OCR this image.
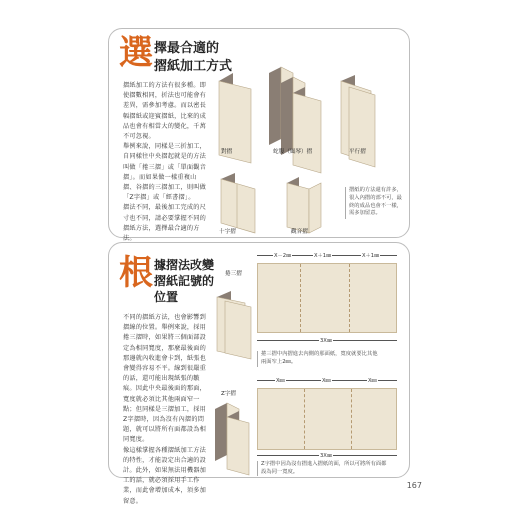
選 擇最合適的
摺紙加工方式
摺紙加工的方法有很多種。即使摺數相同，折法也可能會有差異，需參加考慮。而以密長幅摺紙或迎賓摺紙，比來的成品也會有相當大的變化，千萬不可忽視。
舉例來說，同樣是三折加工，自同樣往中央摺起就是的方法叫做「捲三摺」或「單面觀音摺」。而如果做一樣重複山摺、谷摺的三摺加工，則叫做「Z字摺」或「經書摺」。
摺法不同，最後加工完成的尺寸也不同，請必要掌握不同的摺紙方法，選擇最合適的方法。
對摺	蛇腹（風琴）摺	平行摺
十字摺	觀音摺
摺紙的方法還有許多，很入內摺的部不可，最終的成品也會不一樣，需多加留意。
根 據摺法改變
摺紙記號的
位置
不同的摺紙方法，也會影響到摺線的位置。舉例來說，採用捲三摺時，如果將三個面部設定為相同寬度，那麼最後面的那邊就內收進會卡到，紙張也會變得容易不平。線到很嚴重的話，還可能出現紙張的皺痕。因此中央最後面的那面，寬度就必須比其他兩面窄一點；但同樣是三摺加工，採用Z字摺時，因為沒有內摺的問題，就可以將所有面都設為相同寬度。
像這樣掌握各種摺紙加工方法的特性，才能設定出合適的設計。此外，如果無法用機器加工的話，就必須採用手工作業，而此會增加成本，須多加留意。
捲三摺
Z字摺
X－2㎜	X＋1㎜	X＋1㎜
3X㎜
捲三摺中內摺進去內側的那面紙，寬度就要比其他兩面窄上2㎜。
X㎜	X㎜	X㎜
3X㎜
Z字摺中因為沒有摺進入摺紙的面，所以可將所有面都設為同一寬度。
167
